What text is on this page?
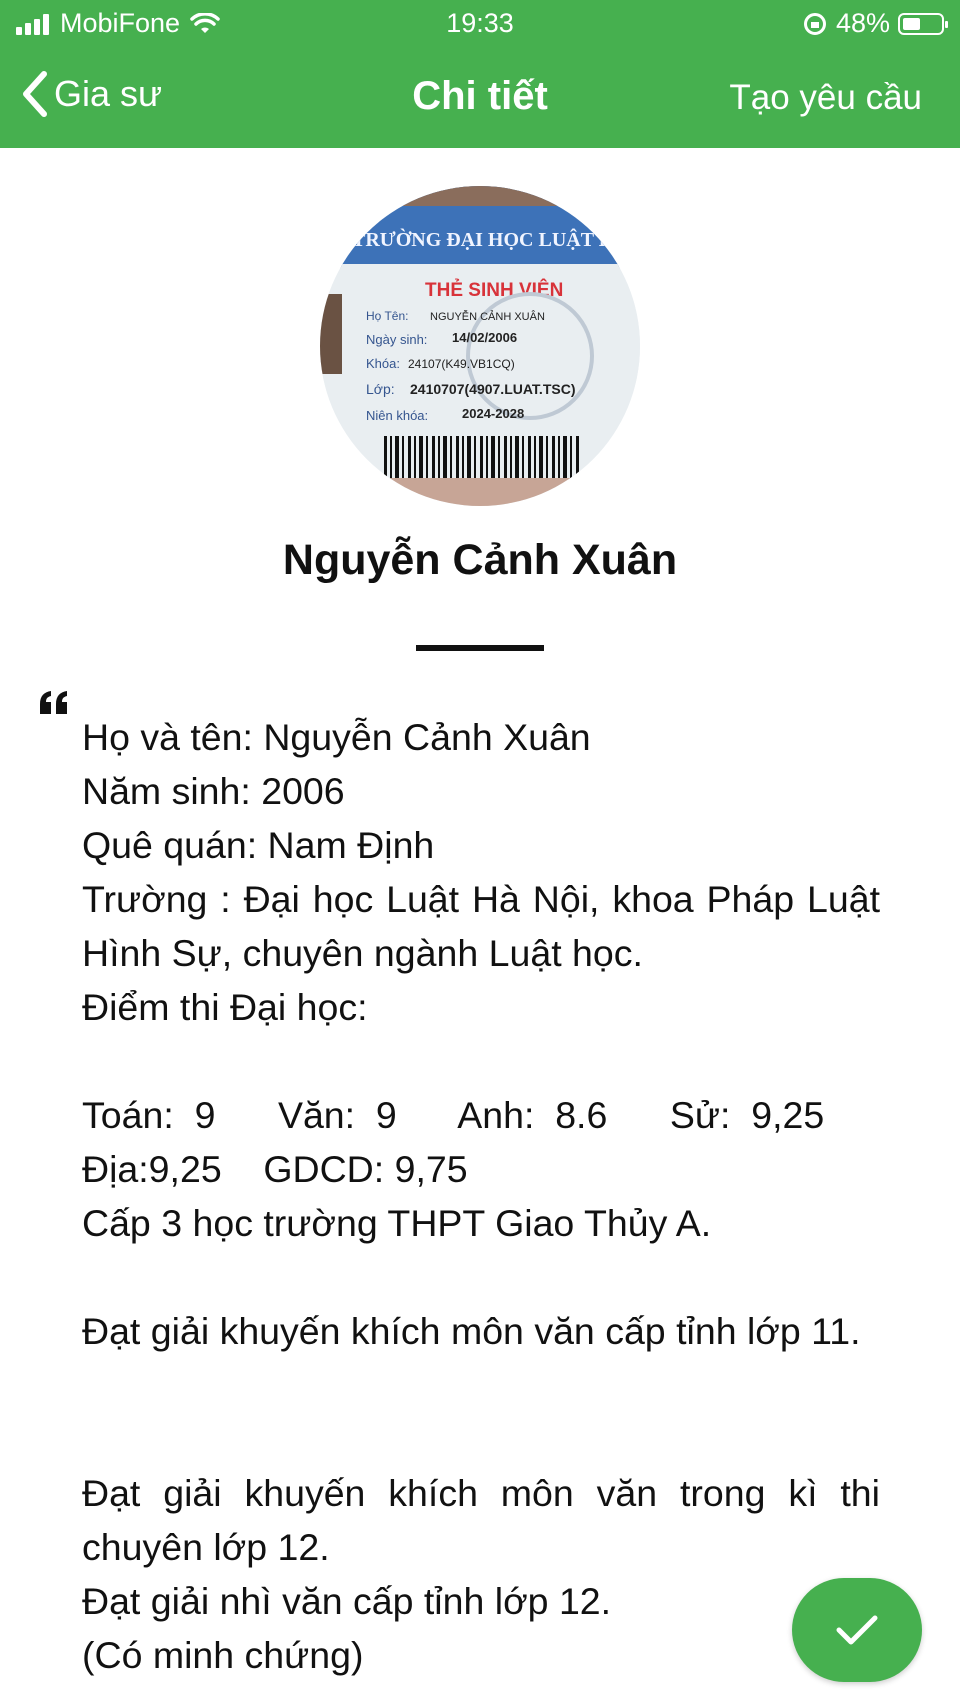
MobiFone	19:33	48%
Gia sư	Chi tiết	Tạo yêu cầu
TRƯỜNG ĐẠI HỌC LUẬT HÀ
THẺ SINH VIÊN
Họ Tên: NGUYỄN CẢNH XUÂN
Ngày sinh: 14/02/2006
Khóa: 24107(K49.VB1CQ)
Lớp: 2410707(4907.LUAT.TSC)
Niên khóa:	2024-2028
Nguyễn Cảnh Xuân
Họ và tên: Nguyễn Cảnh Xuân
Năm sinh: 2006
Quê quán: Nam Định
Trường : Đại học Luật Hà Nội, khoa Pháp Luật Hình Sự, chuyên ngành Luật học.
Điểm thi Đại học:
Toán:  9      Văn:  9      Anh:  8.6      Sử:  9,25
Địa:9,25    GDCD: 9,75
Cấp 3 học trường THPT Giao Thủy A.
Đạt giải khuyến khích môn văn cấp tỉnh lớp 11.
Đạt giải khuyến khích môn văn trong kì thi chuyên lớp 12.
Đạt giải nhì văn cấp tỉnh lớp 12.
(Có minh chứng)
